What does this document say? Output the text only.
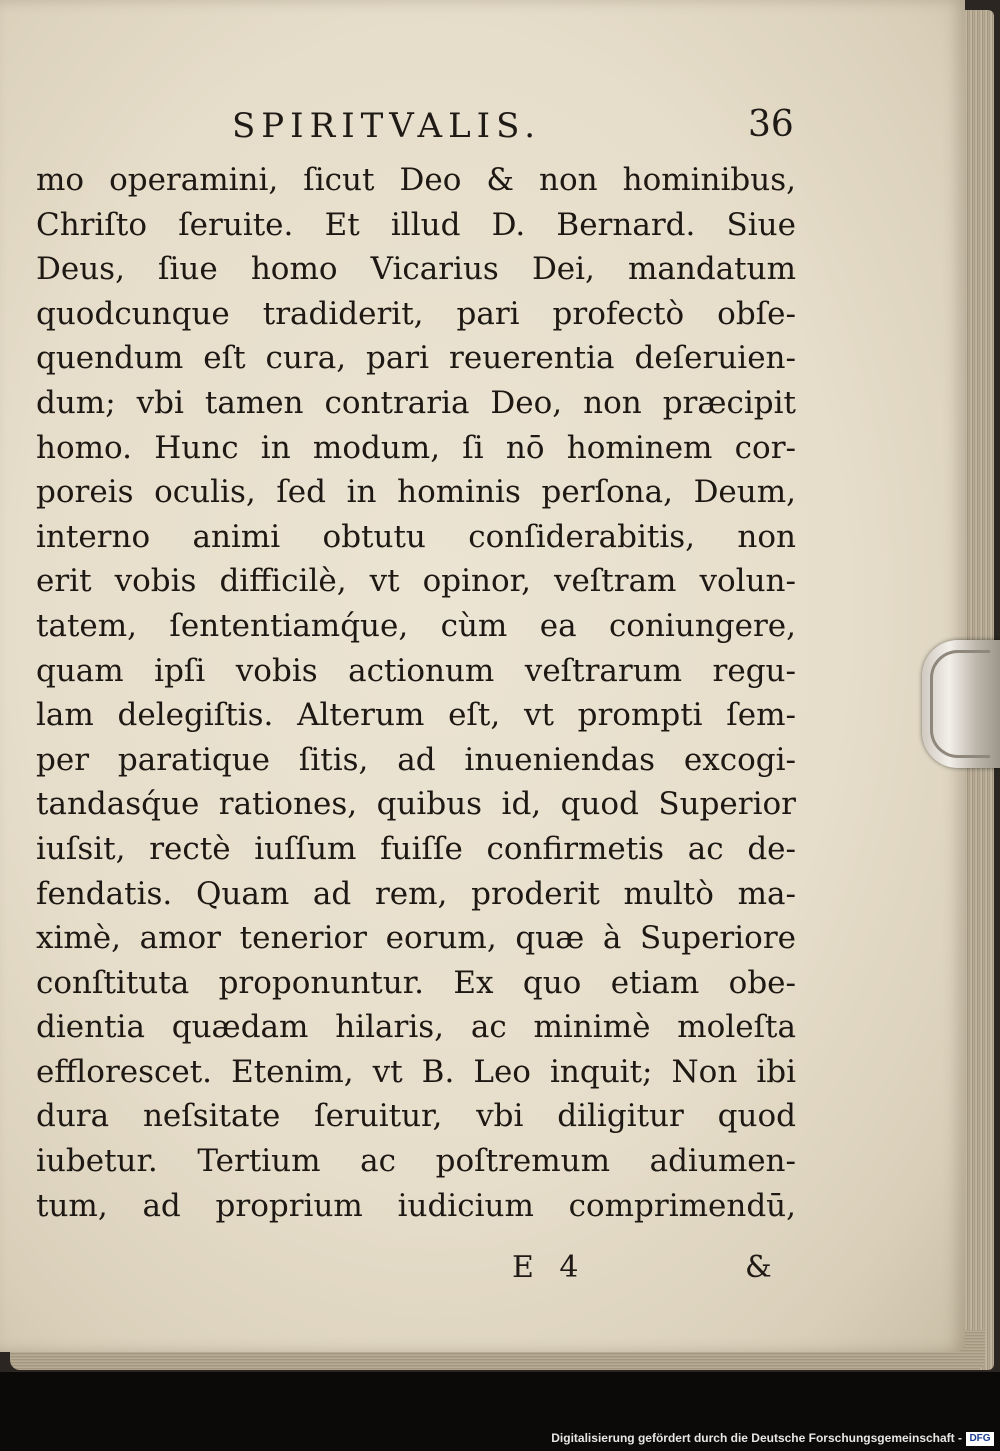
SPIRITVALIS.	36
mo operamini, ſicut Deo & non hominibus,
Chriſto ſeruite. Et illud D. Bernard. Siue
Deus, ſiue homo Vicarius Dei, mandatum
quodcunque tradiderit, pari profectò obſe-
quendum eſt cura, pari reuerentia deſeruien-
dum; vbi tamen contraria Deo, non præcipit
homo. Hunc in modum, ſi nō hominem cor-
poreis oculis, ſed in hominis perſona, Deum,
interno animi obtutu conſiderabitis, non
erit vobis difficilè, vt opinor, veſtram volun-
tatem, ſententiamq́ue, cùm ea coniungere,
quam ipſi vobis actionum veſtrarum regu-
lam delegiſtis. Alterum eſt, vt prompti ſem-
per paratique ſitis, ad inueniendas excogi-
tandasq́ue rationes, quibus id, quod Superior
iuſsit, rectè iuſſum fuiſſe confirmetis ac de-
fendatis. Quam ad rem, proderit multò ma-
ximè, amor tenerior eorum, quæ à Superiore
conſtituta proponuntur. Ex quo etiam obe-
dientia quædam hilaris, ac minimè moleſta
efflorescet. Etenim, vt B. Leo inquit; Non ibi
dura neſsitate ſeruitur, vbi diligitur quod
iubetur. Tertium ac poſtremum adiumen-
tum, ad proprium iudicium comprimendū,
E 4	&
Digitalisierung gefördert durch die Deutsche Forschungsgemeinschaft - DFG
